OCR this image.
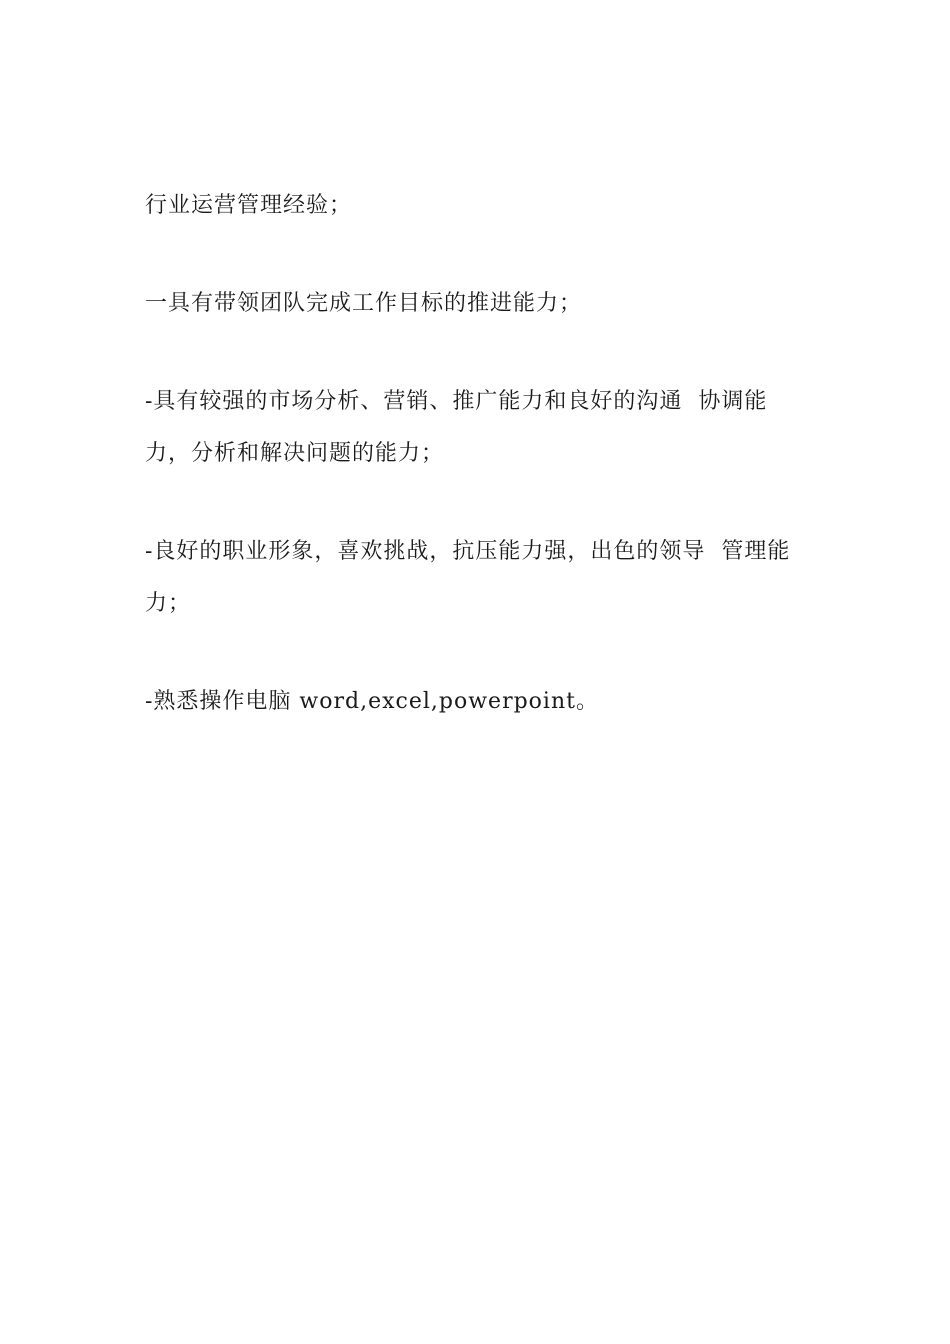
行业运营管理经验；

一具有带领团队完成工作目标的推进能力；

-具有较强的市场分析、营销、推广能力和良好的沟通  协调能力，分析和解决问题的能力；

-良好的职业形象，喜欢挑战，抗压能力强，出色的领导  管理能力；

-熟悉操作电脑 word,excel,powerpoint。
